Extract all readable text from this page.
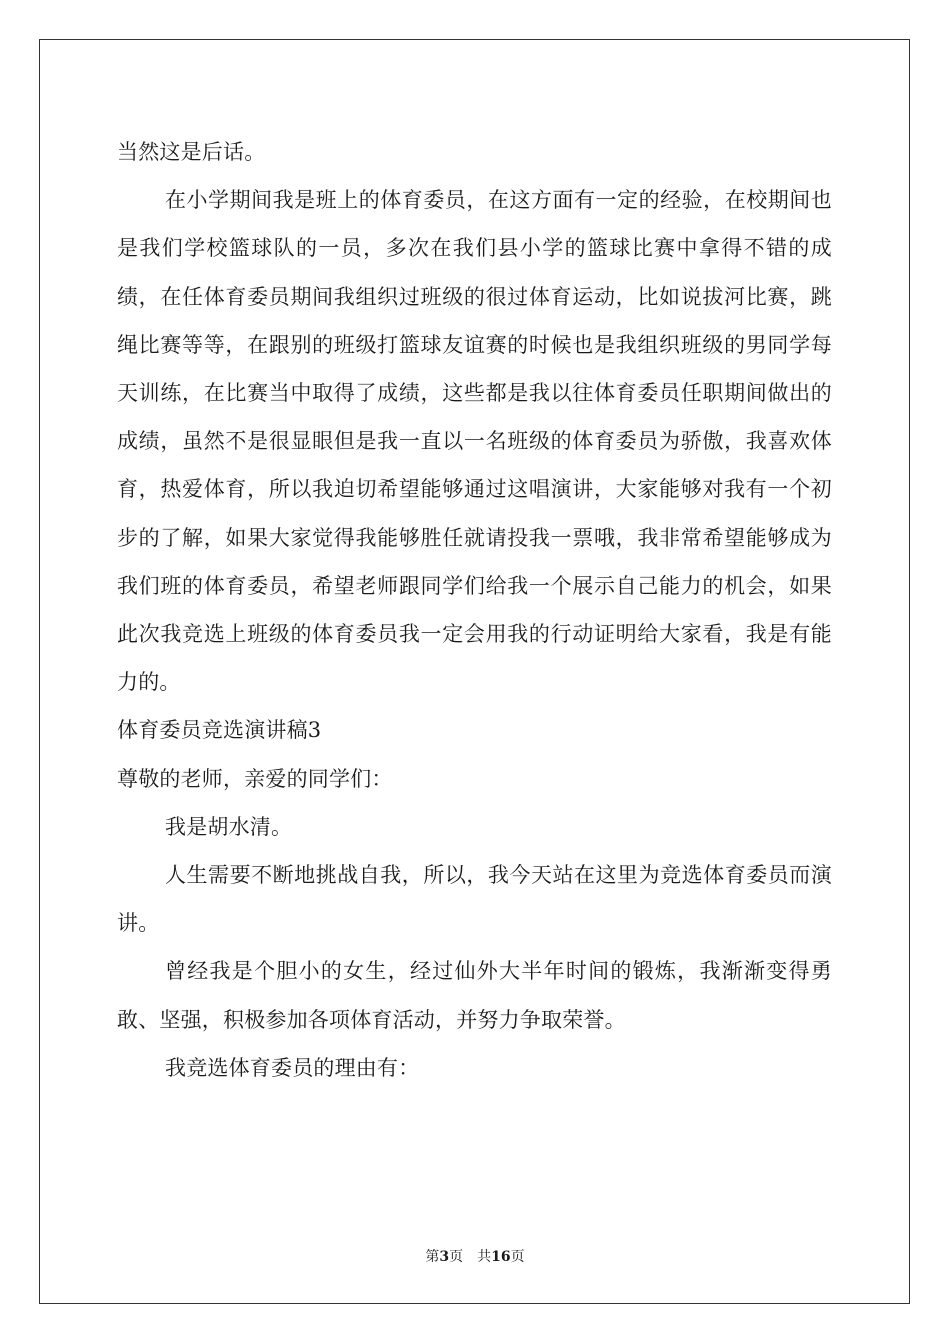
当然这是后话。

在小学期间我是班上的体育委员，在这方面有一定的经验，在校期间也是我们学校篮球队的一员，多次在我们县小学的篮球比赛中拿得不错的成绩，在任体育委员期间我组织过班级的很过体育运动，比如说拔河比赛，跳绳比赛等等，在跟别的班级打篮球友谊赛的时候也是我组织班级的男同学每天训练，在比赛当中取得了成绩，这些都是我以往体育委员任职期间做出的成绩，虽然不是很显眼但是我一直以一名班级的体育委员为骄傲，我喜欢体育，热爱体育，所以我迫切希望能够通过这唱演讲，大家能够对我有一个初步的了解，如果大家觉得我能够胜任就请投我一票哦，我非常希望能够成为我们班的体育委员，希望老师跟同学们给我一个展示自己能力的机会，如果此次我竞选上班级的体育委员我一定会用我的行动证明给大家看，我是有能力的。

体育委员竞选演讲稿3

尊敬的老师，亲爱的同学们：

我是胡水清。

人生需要不断地挑战自我，所以，我今天站在这里为竞选体育委员而演讲。

曾经我是个胆小的女生，经过仙外大半年时间的锻炼，我渐渐变得勇敢、坚强，积极参加各项体育活动，并努力争取荣誉。

我竞选体育委员的理由有：

第3页 共16页
